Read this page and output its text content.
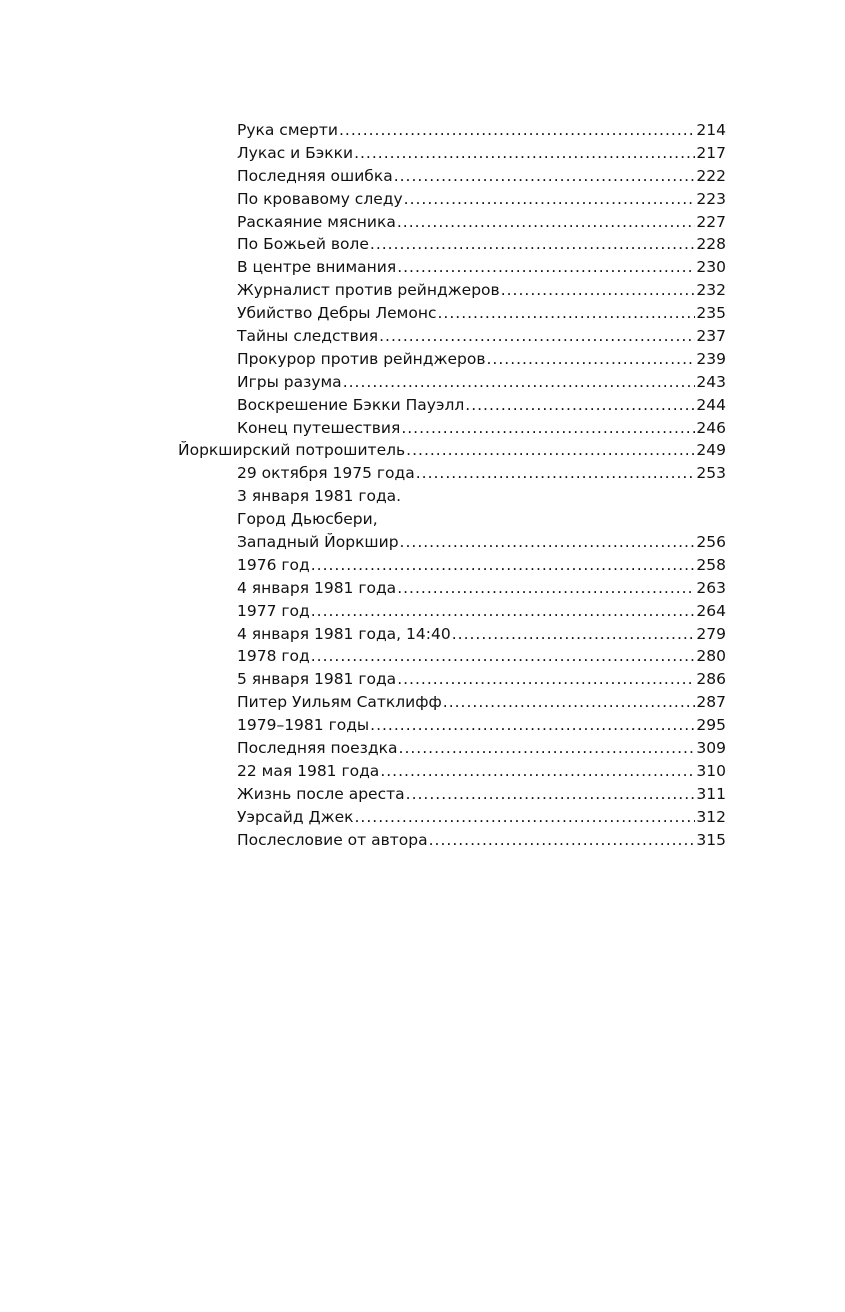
Рука смерти .....	214
Лукас и Бэкки .....	217
Последняя ошибка .....	222
По кровавому следу .....	223
Раскаяние мясника .....	227
По Божьей воле .....	228
В центре внимания .....	230
Журналист против рейнджеров .....	232
Убийство Дебры Лемонс .....	235
Тайны следствия .....	237
Прокурор против рейнджеров .....	239
Игры разума .....	243
Воскрешение Бэкки Пауэлл .....	244
Конец путешествия .....	246
Йоркширский потрошитель .....	249
29 октября 1975 года .....	253
3 января 1981 года.
Город Дьюсбери,
Западный Йоркшир .....	256
1976 год .....	258
4 января 1981 года .....	263
1977 год .....	264
4 января 1981 года, 14:40 .....	279
1978 год .....	280
5 января 1981 года .....	286
Питер Уильям Сатклифф .....	287
1979–1981 годы .....	295
Последняя поездка .....	309
22 мая 1981 года .....	310
Жизнь после ареста .....	311
Уэрсайд Джек .....	312
Послесловие от автора .....	315
